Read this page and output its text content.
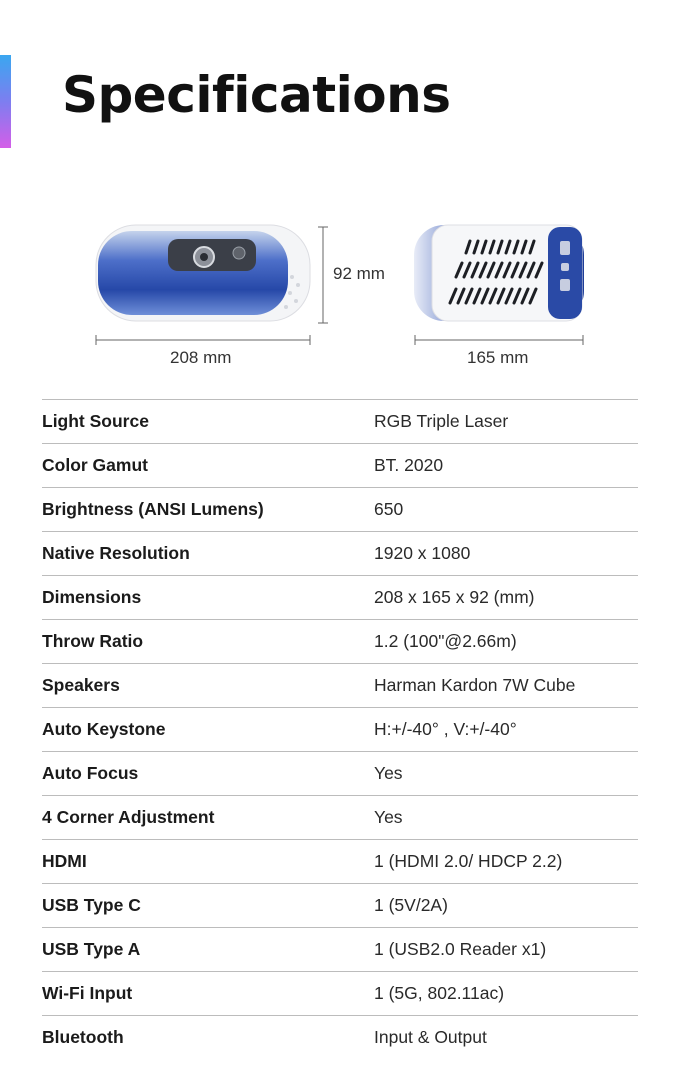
Specifications
92 mm
208 mm	165 mm
Light Source	RGB Triple Laser
Color Gamut	BT. 2020
Brightness (ANSI Lumens)	650
Native Resolution	1920 x 1080
Dimensions	208 x 165 x 92 (mm)
Throw Ratio	1.2 (100"@2.66m)
Speakers	Harman Kardon 7W Cube
Auto Keystone	H:+/-40° , V:+/-40°
Auto Focus	Yes
4 Corner Adjustment	Yes
HDMI	1 (HDMI 2.0/ HDCP 2.2)
USB Type C	1 (5V/2A)
USB Type A	1 (USB2.0 Reader x1)
Wi-Fi Input	1 (5G, 802.11ac)
Bluetooth	Input & Output
